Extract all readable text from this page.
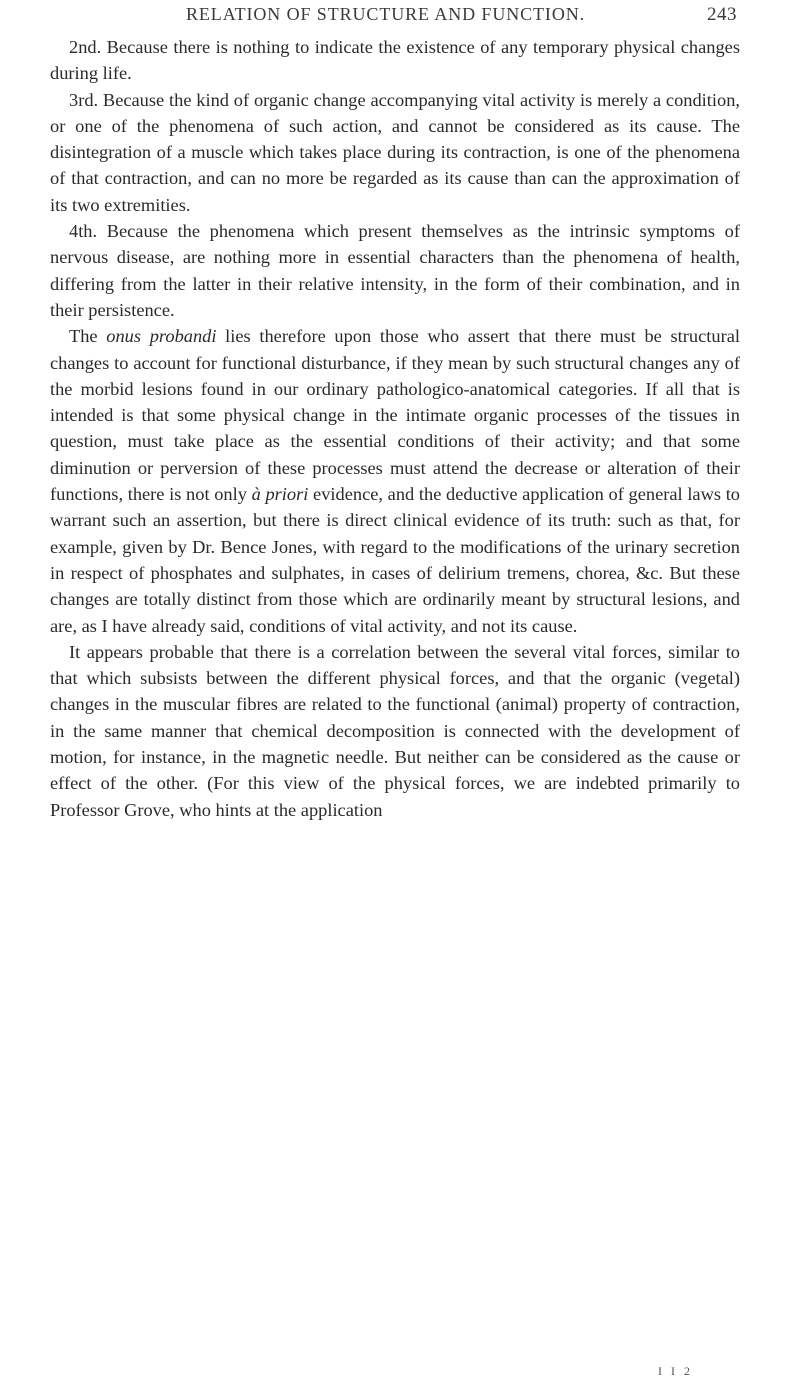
RELATION OF STRUCTURE AND FUNCTION.	243

2nd. Because there is nothing to indicate the existence of any temporary physical changes during life.

3rd. Because the kind of organic change accompanying vital activity is merely a condition, or one of the phenomena of such action, and cannot be considered as its cause. The disintegration of a muscle which takes place during its contraction, is one of the phenomena of that contraction, and can no more be regarded as its cause than can the approximation of its two extremities.

4th. Because the phenomena which present themselves as the intrinsic symptoms of nervous disease, are nothing more in essential characters than the phenomena of health, differing from the latter in their relative intensity, in the form of their combination, and in their persistence.

The onus probandi lies therefore upon those who assert that there must be structural changes to account for functional disturbance, if they mean by such structural changes any of the morbid lesions found in our ordinary pathologico-anatomical categories. If all that is intended is that some physical change in the intimate organic processes of the tissues in question, must take place as the essential conditions of their activity; and that some diminution or perversion of these processes must attend the decrease or alteration of their functions, there is not only à priori evidence, and the deductive application of general laws to warrant such an assertion, but there is direct clinical evidence of its truth: such as that, for example, given by Dr. Bence Jones, with regard to the modifications of the urinary secretion in respect of phosphates and sulphates, in cases of delirium tremens, chorea, &c. But these changes are totally distinct from those which are ordinarily meant by structural lesions, and are, as I have already said, conditions of vital activity, and not its cause.

It appears probable that there is a correlation between the several vital forces, similar to that which subsists between the different physical forces, and that the organic (vegetal) changes in the muscular fibres are related to the functional (animal) property of contraction, in the same manner that chemical decomposition is connected with the development of motion, for instance, in the magnetic needle. But neither can be considered as the cause or effect of the other. (For this view of the physical forces, we are indebted primarily to Professor Grove, who hints at the application

I I 2
